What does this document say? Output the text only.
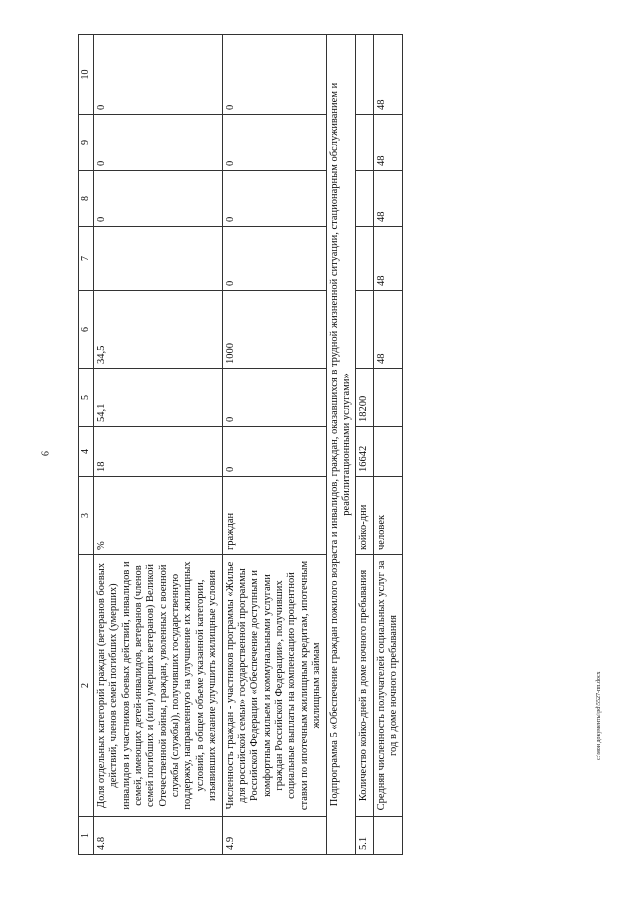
9
1	2	3	4	5	6	7	8	9	10
4.8	Доля отдельных категорий граждан (ветеранов боевых действий, членов семей погибших (умерших) инвалидов и участников боевых действий, инвалидов и семей, имеющих детей-инвалидов, ветеранов (членов семей погибших и (или) умерших ветеранов) Великой Отечественной войны, граждан, уволенных с военной службы (службы)), получивших государственную поддержку, направленную на улучшение их жилищных условий, в общем объеме указанной категории, изъявивших желание улучшить жилищные условия	%	18	54,1	34,5		0	0	0
4.9	Численность граждан - участников программы «Жилье для российской семьи» государственной программы Российской Федерации «Обеспечение доступным и комфортным жильем и коммунальными услугами граждан Российской Федерации», получивших социальные выплаты на компенсацию процентной ставки по ипотечным жилищным кредитам, ипотечным жилищным займам	граждан	0	0	1000	0	0	0	0
Подпрограмма 5 «Обеспечение граждан пожилого возраста и инвалидов, граждан, оказавшихся в трудной жизненной ситуации, стационарным обслуживанием и реабилитационными услугами»									
5.1	Количество койко-дней в доме ночного пребывания	койко-дни	16642	18200					
	Средняя численность получателей социальных услуг за год в доме ночного пребывания	человек			48	48	48	48	48
c:\мои документы\pd\5527-пп.docx
